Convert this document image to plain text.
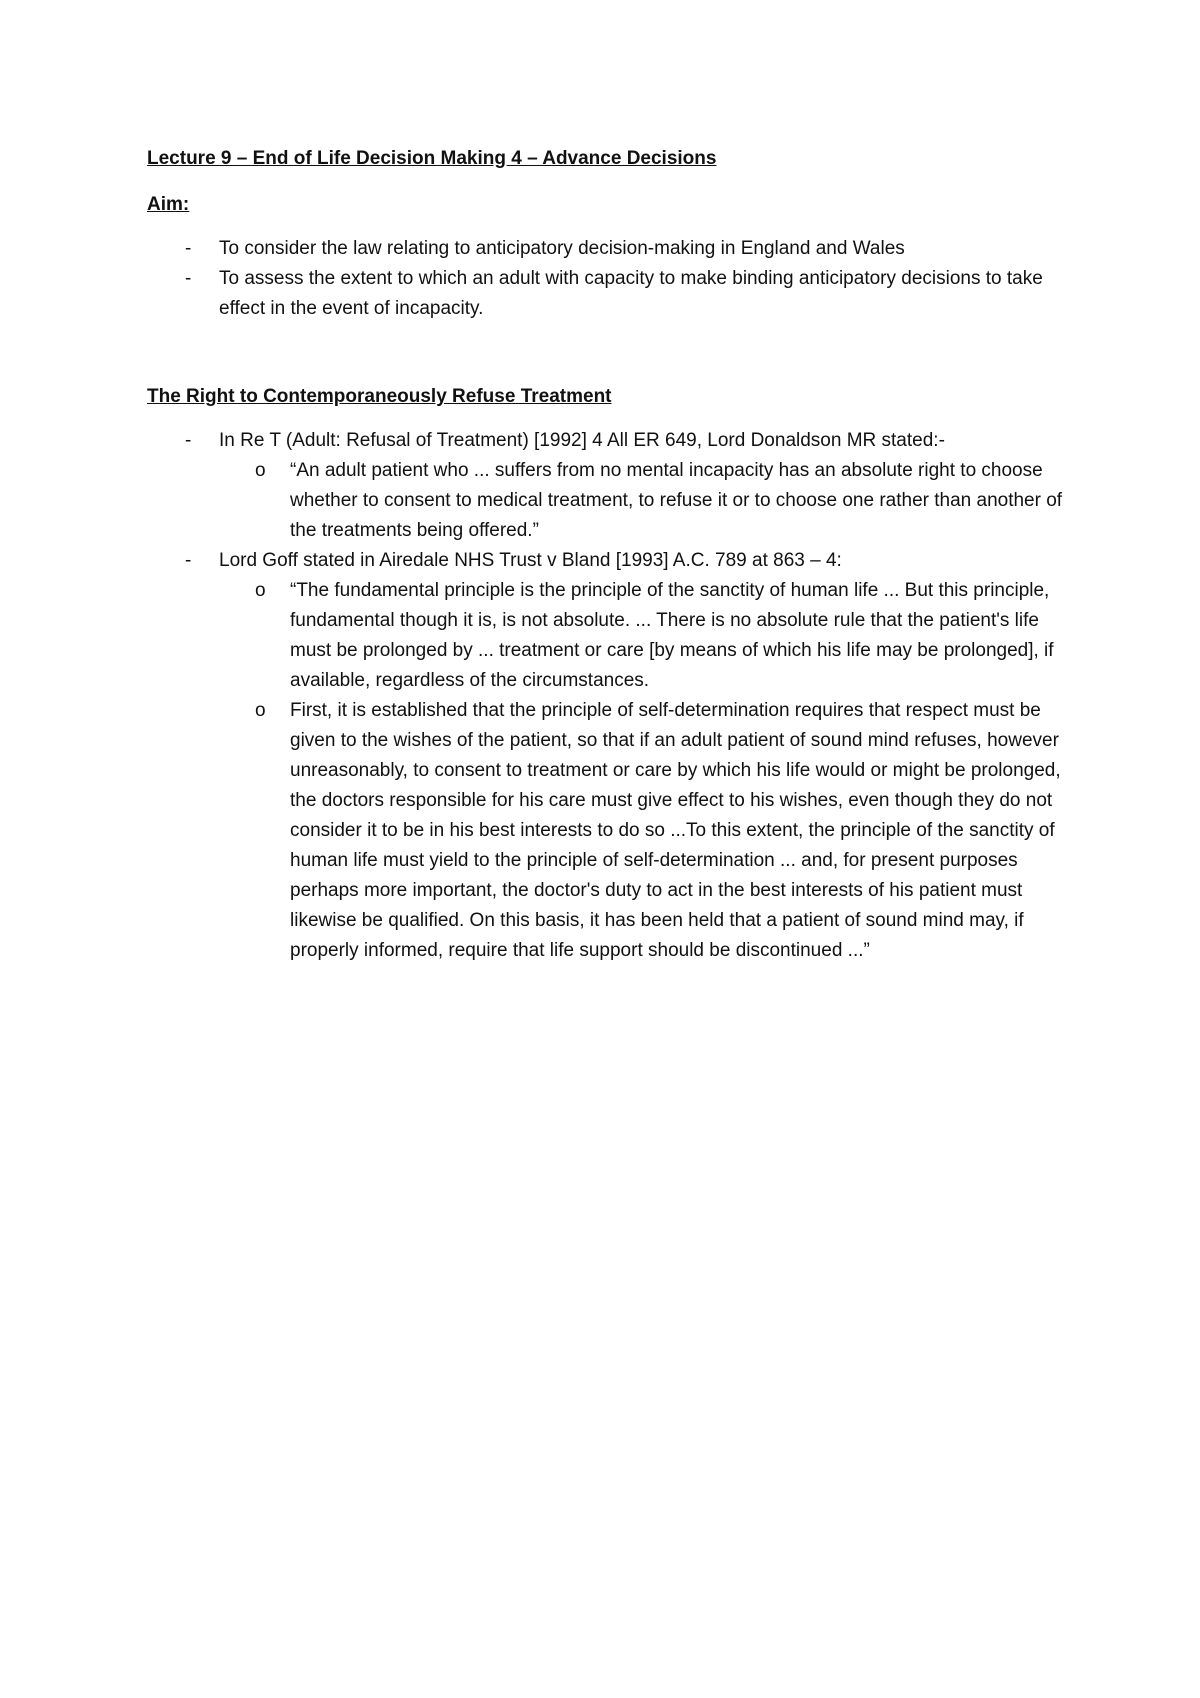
Lecture 9 – End of Life Decision Making 4 – Advance Decisions

Aim:

- To consider the law relating to anticipatory decision-making in England and Wales
- To assess the extent to which an adult with capacity to make binding anticipatory decisions to take effect in the event of incapacity.

The Right to Contemporaneously Refuse Treatment

- In Re T (Adult: Refusal of Treatment) [1992] 4 All ER 649, Lord Donaldson MR stated:-
o “An adult patient who ... suffers from no mental incapacity has an absolute right to choose whether to consent to medical treatment, to refuse it or to choose one rather than another of the treatments being offered.”
- Lord Goff stated in Airedale NHS Trust v Bland [1993] A.C. 789 at 863 – 4:
o “The fundamental principle is the principle of the sanctity of human life ... But this principle, fundamental though it is, is not absolute. ... There is no absolute rule that the patient's life must be prolonged by ... treatment or care [by means of which his life may be prolonged], if available, regardless of the circumstances.
o First, it is established that the principle of self-determination requires that respect must be given to the wishes of the patient, so that if an adult patient of sound mind refuses, however unreasonably, to consent to treatment or care by which his life would or might be prolonged, the doctors responsible for his care must give effect to his wishes, even though they do not consider it to be in his best interests to do so ...To this extent, the principle of the sanctity of human life must yield to the principle of self-determination ... and, for present purposes perhaps more important, the doctor's duty to act in the best interests of his patient must likewise be qualified. On this basis, it has been held that a patient of sound mind may, if properly informed, require that life support should be discontinued ...”
